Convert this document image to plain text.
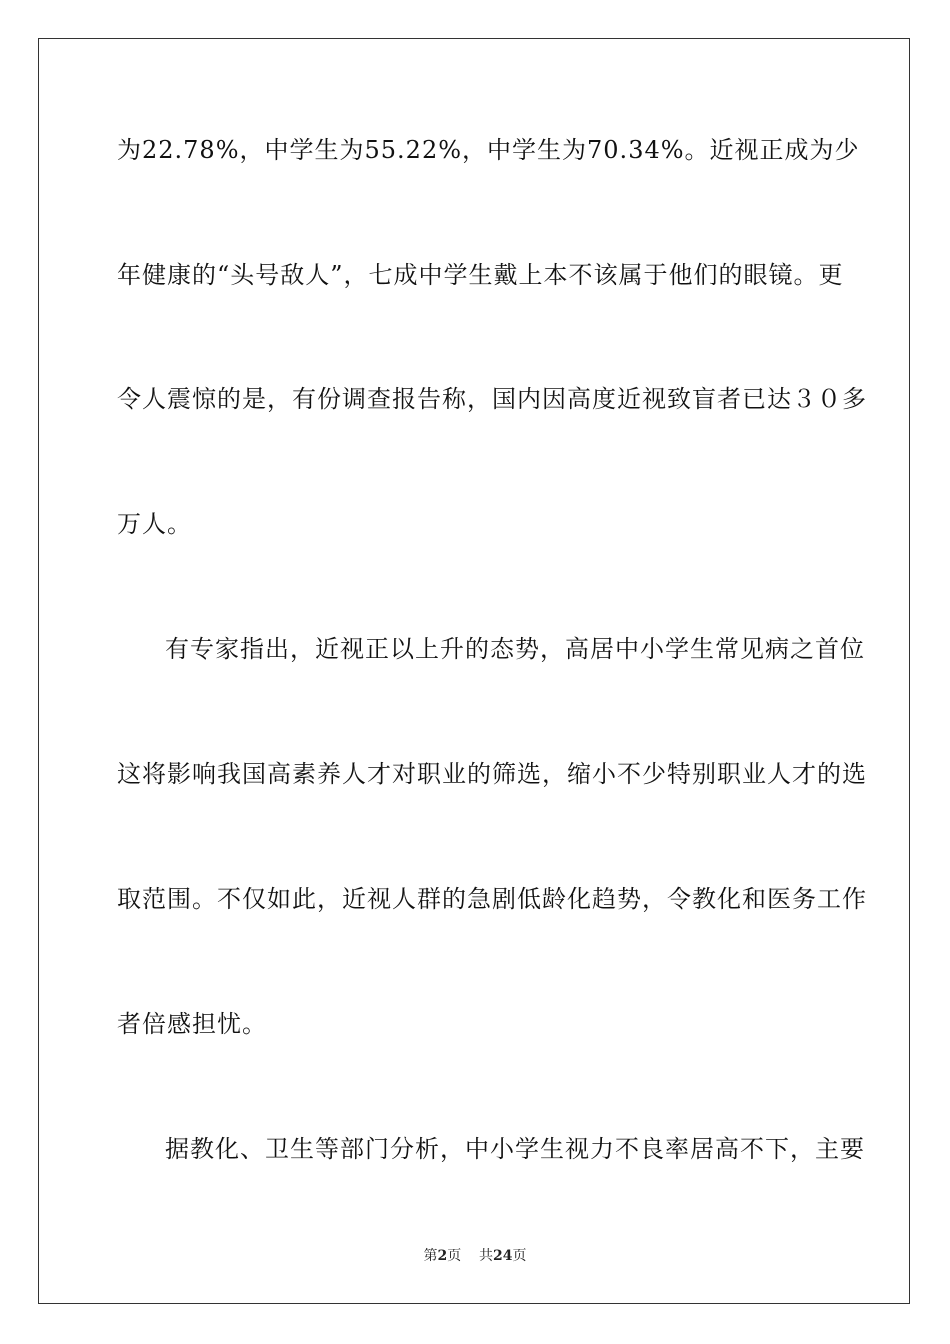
为22.78%，中学生为55.22%，中学生为70.34%。近视正成为少
年健康的“头号敌人”，七成中学生戴上本不该属于他们的眼镜。更
令人震惊的是，有份调查报告称，国内因高度近视致盲者已达３０多
万人。
有专家指出，近视正以上升的态势，高居中小学生常见病之首位
这将影响我国高素养人才对职业的筛选，缩小不少特别职业人才的选
取范围。不仅如此，近视人群的急剧低龄化趋势，令教化和医务工作
者倍感担忧。
据教化、卫生等部门分析，中小学生视力不良率居高不下，主要
第2页 共24页
